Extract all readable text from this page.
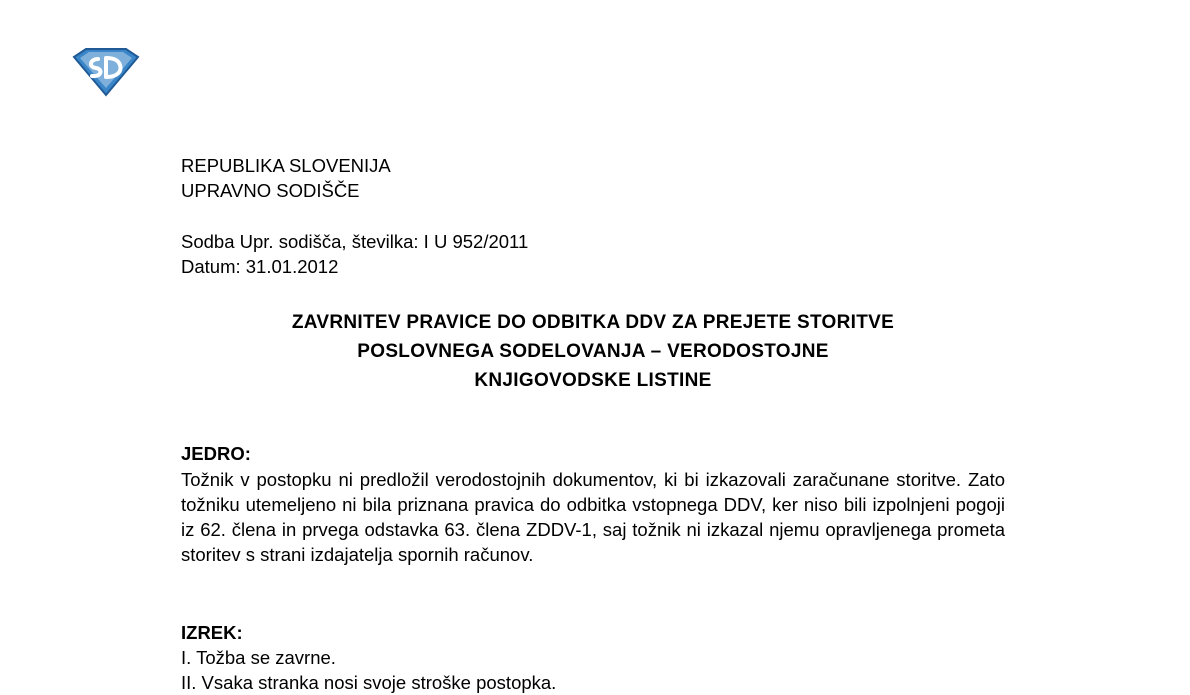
REPUBLIKA SLOVENIJA
UPRAVNO SODIŠČE
Sodba Upr. sodišča, številka: I U 952/2011
Datum: 31.01.2012
ZAVRNITEV PRAVICE DO ODBITKA DDV ZA PREJETE STORITVE
POSLOVNEGA SODELOVANJA – VERODOSTOJNE
KNJIGOVODSKE LISTINE
JEDRO:
Tožnik v postopku ni predložil verodostojnih dokumentov, ki bi izkazovali zaračunane storitve. Zato tožniku utemeljeno ni bila priznana pravica do odbitka vstopnega DDV, ker niso bili izpolnjeni pogoji iz 62. člena in prvega odstavka 63. člena ZDDV-1, saj tožnik ni izkazal njemu opravljenega prometa storitev s strani izdajatelja spornih računov.
IZREK:
I. Tožba se zavrne.
II. Vsaka stranka nosi svoje stroške postopka.
